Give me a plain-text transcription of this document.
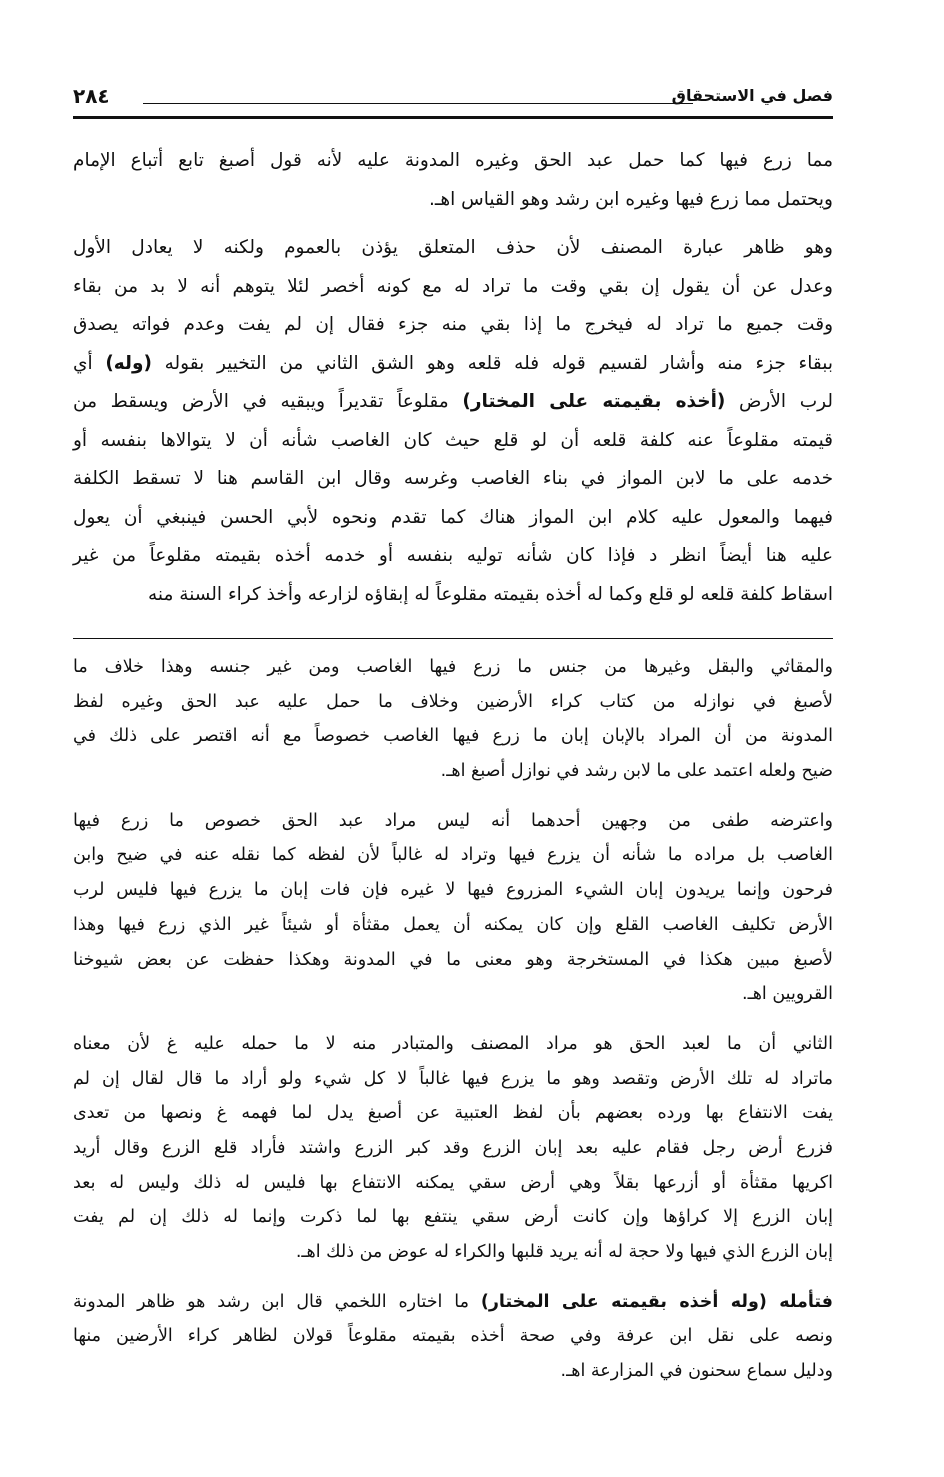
فصل في الاستحقاق
٢٨٤
مما زرع فيها كما حمل عبد الحق وغيره المدونة عليه لأنه قول أصبغ تابع أتباع الإمام
ويحتمل مما زرع فيها وغيره ابن رشد وهو القياس اهـ.
وهو ظاهر عبارة المصنف لأن حذف المتعلق يؤذن بالعموم ولكنه لا يعادل الأول
وعدل عن أن يقول إن بقي وقت ما تراد له مع كونه أخصر لئلا يتوهم أنه لا بد من بقاء
وقت جميع ما تراد له فيخرج ما إذا بقي منه جزء فقال إن لم يفت وعدم فواته يصدق
ببقاء جزء منه وأشار لقسيم قوله فله قلعه وهو الشق الثاني من التخيير بقوله (وله) أي
لرب الأرض (أخذه بقيمته على المختار) مقلوعاً تقديراً ويبقيه في الأرض ويسقط من
قيمته مقلوعاً عنه كلفة قلعه أن لو قلع حيث كان الغاصب شأنه أن لا يتوالاها بنفسه أو
خدمه على ما لابن المواز في بناء الغاصب وغرسه وقال ابن القاسم هنا لا تسقط الكلفة
فيهما والمعول عليه كلام ابن المواز هناك كما تقدم ونحوه لأبي الحسن فينبغي أن يعول
عليه هنا أيضاً انظر د فإذا كان شأنه توليه بنفسه أو خدمه أخذه بقيمته مقلوعاً من غير
اسقاط كلفة قلعه لو قلع وكما له أخذه بقيمته مقلوعاً له إبقاؤه لزارعه وأخذ كراء السنة منه
والمقاثي والبقل وغيرها من جنس ما زرع فيها الغاصب ومن غير جنسه وهذا خلاف ما
لأصبغ في نوازله من كتاب كراء الأرضين وخلاف ما حمل عليه عبد الحق وغيره لفظ
المدونة من أن المراد بالإبان إبان ما زرع فيها الغاصب خصوصاً مع أنه اقتصر على ذلك في
ضيح ولعله اعتمد على ما لابن رشد في نوازل أصبغ اهـ.
واعترضه طفى من وجهين أحدهما أنه ليس مراد عبد الحق خصوص ما زرع فيها
الغاصب بل مراده ما شأنه أن يزرع فيها وتراد له غالباً لأن لفظه كما نقله عنه في ضيح وابن
فرحون وإنما يريدون إبان الشيء المزروع فيها لا غيره فإن فات إبان ما يزرع فيها فليس لرب
الأرض تكليف الغاصب القلع وإن كان يمكنه أن يعمل مقثأة أو شيئاً غير الذي زرع فيها وهذا
لأصبغ مبين هكذا في المستخرجة وهو معنى ما في المدونة وهكذا حفظت عن بعض شيوخنا
القرويين اهـ.
الثاني أن ما لعبد الحق هو مراد المصنف والمتبادر منه لا ما حمله عليه غ لأن معناه
ماتراد له تلك الأرض وتقصد وهو ما يزرع فيها غالباً لا كل شيء ولو أراد ما قال لقال إن لم
يفت الانتفاع بها ورده بعضهم بأن لفظ العتبية عن أصبغ يدل لما فهمه غ ونصها من تعدى
فزرع أرض رجل فقام عليه بعد إبان الزرع وقد كبر الزرع واشتد فأراد قلع الزرع وقال أريد
اكريها مقثأة أو أزرعها بقلاً وهي أرض سقي يمكنه الانتفاع بها فليس له ذلك وليس له بعد
إبان الزرع إلا كراؤها وإن كانت أرض سقي ينتفع بها لما ذكرت وإنما له ذلك إن لم يفت
إبان الزرع الذي فيها ولا حجة له أنه يريد قلبها والكراء له عوض من ذلك اهـ.
فتأمله (وله أخذه بقيمته على المختار) ما اختاره اللخمي قال ابن رشد هو ظاهر المدونة
ونصه على نقل ابن عرفة وفي صحة أخذه بقيمته مقلوعاً قولان لظاهر كراء الأرضين منها
ودليل سماع سحنون في المزارعة اهـ.
